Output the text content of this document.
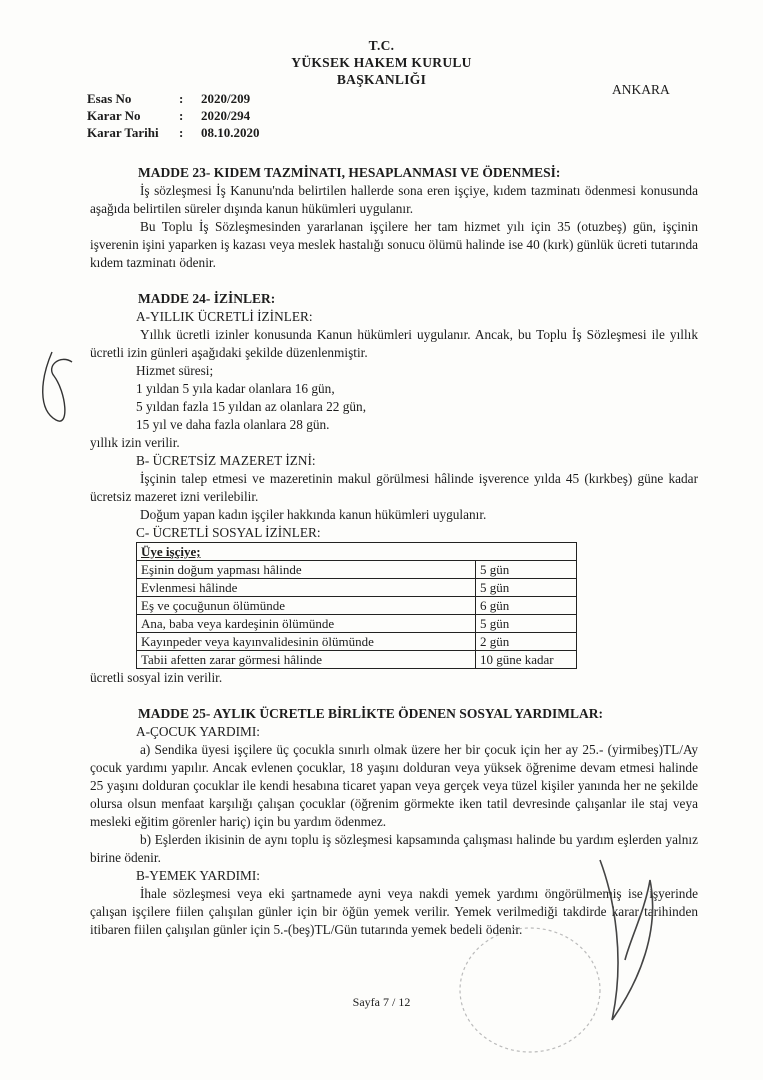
T.C.
YÜKSEK HAKEM KURULU
BAŞKANLIĞI
ANKARA
Esas No	:	2020/209
Karar No	:	2020/294
Karar Tarihi	:	08.10.2020
MADDE 23- KIDEM TAZMİNATI, HESAPLANMASI VE ÖDENMESİ:

İş sözleşmesi İş Kanunu'nda belirtilen hallerde sona eren işçiye, kıdem tazminatı ödenmesi konusunda aşağıda belirtilen süreler dışında kanun hükümleri uygulanır.

Bu Toplu İş Sözleşmesinden yararlanan işçilere her tam hizmet yılı için 35 (otuzbeş) gün, işçinin işverenin işini yaparken iş kazası veya meslek hastalığı sonucu ölümü halinde ise 40 (kırk) günlük ücreti tutarında kıdem tazminatı ödenir.

MADDE 24- İZİNLER:

A-YILLIK ÜCRETLİ İZİNLER:

Yıllık ücretli izinler konusunda Kanun hükümleri uygulanır. Ancak, bu Toplu İş Sözleşmesi ile yıllık ücretli izin günleri aşağıdaki şekilde düzenlenmiştir.

Hizmet süresi;

1 yıldan 5 yıla kadar olanlara 16 gün,

5 yıldan fazla 15 yıldan az olanlara 22 gün,

15 yıl ve daha fazla olanlara 28 gün.

yıllık izin verilir.

B- ÜCRETSİZ MAZERET İZNİ:

İşçinin talep etmesi ve mazeretinin makul görülmesi hâlinde işverence yılda 45 (kırkbeş) güne kadar ücretsiz mazeret izni verilebilir.

Doğum yapan kadın işçiler hakkında kanun hükümleri uygulanır.

C- ÜCRETLİ SOSYAL İZİNLER:

Üye işçiye;	
Eşinin doğum yapması hâlinde	5 gün
Evlenmesi hâlinde	5 gün
Eş ve çocuğunun ölümünde	6 gün
Ana, baba veya kardeşinin ölümünde	5 gün
Kayınpeder veya kayınvalidesinin ölümünde	2 gün
Tabii afetten zarar görmesi hâlinde	10 güne kadar

ücretli sosyal izin verilir.

MADDE 25- AYLIK ÜCRETLE BİRLİKTE ÖDENEN SOSYAL YARDIMLAR:

A-ÇOCUK YARDIMI:

a) Sendika üyesi işçilere üç çocukla sınırlı olmak üzere her bir çocuk için her ay 25.- (yirmibeş)TL/Ay çocuk yardımı yapılır. Ancak evlenen çocuklar, 18 yaşını dolduran veya yüksek öğrenime devam etmesi halinde 25 yaşını dolduran çocuklar ile kendi hesabına ticaret yapan veya gerçek veya tüzel kişiler yanında her ne şekilde olursa olsun menfaat karşılığı çalışan çocuklar (öğrenim görmekte iken tatil devresinde çalışanlar ile staj veya mesleki eğitim görenler hariç) için bu yardım ödenmez.

b) Eşlerden ikisinin de aynı toplu iş sözleşmesi kapsamında çalışması halinde bu yardım eşlerden yalnız birine ödenir.

B-YEMEK YARDIMI:

İhale sözleşmesi veya eki şartnamede ayni veya nakdi yemek yardımı öngörülmemiş ise işyerinde çalışan işçilere fiilen çalışılan günler için bir öğün yemek verilir. Yemek verilmediği takdirde karar tarihinden itibaren fiilen çalışılan günler için 5.-(beş)TL/Gün tutarında yemek bedeli ödenir.

Sayfa 7 / 12
